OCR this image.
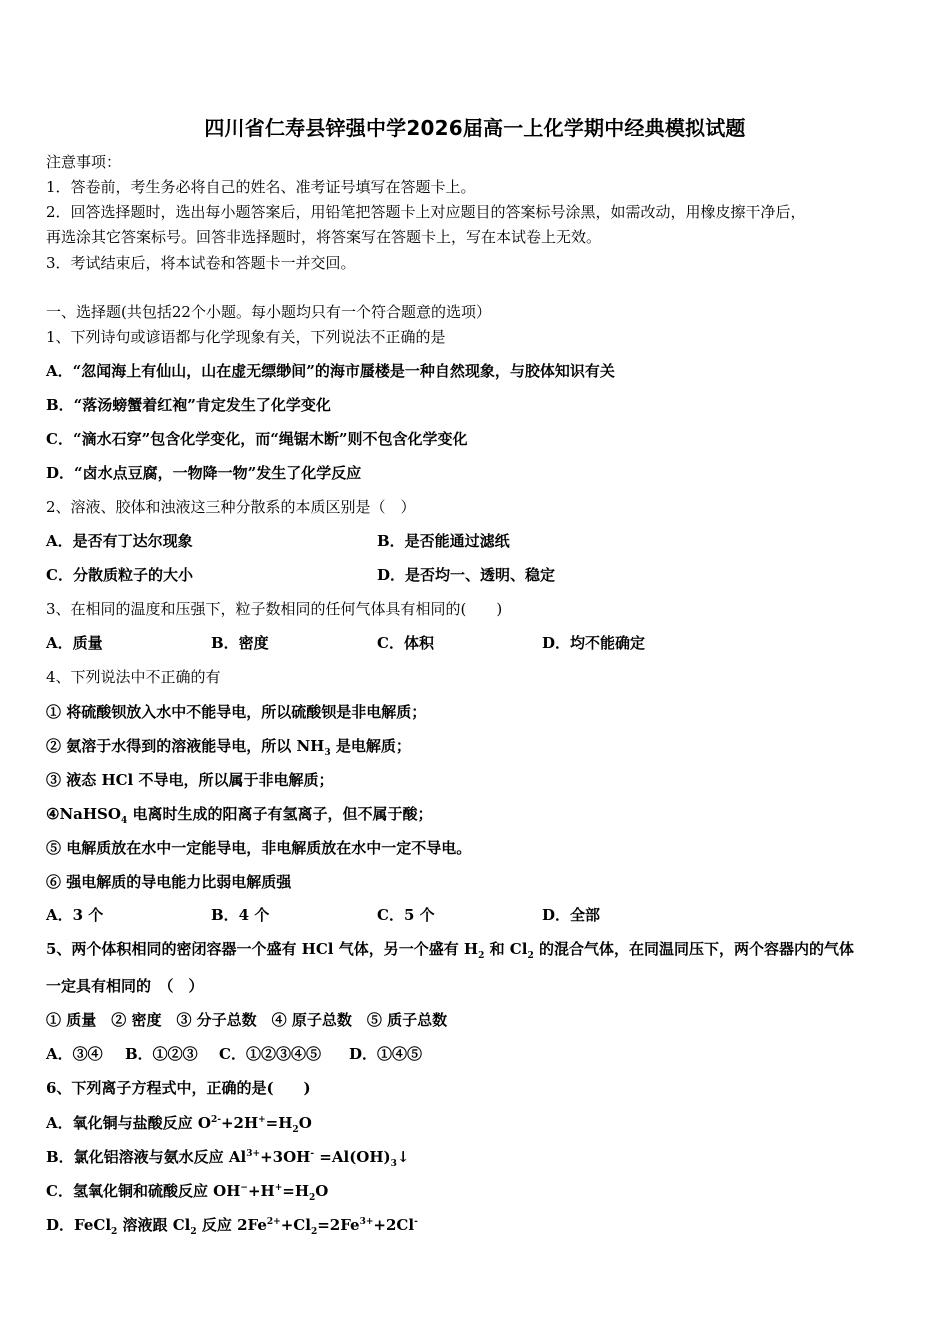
四川省仁寿县锌强中学2026届高一上化学期中经典模拟试题
注意事项：
1．答卷前，考生务必将自己的姓名、准考证号填写在答题卡上。
2．回答选择题时，选出每小题答案后，用铅笔把答题卡上对应题目的答案标号涂黑，如需改动，用橡皮擦干净后，
再选涂其它答案标号。回答非选择题时，将答案写在答题卡上，写在本试卷上无效。
3．考试结束后，将本试卷和答题卡一并交回。
一、选择题(共包括22个小题。每小题均只有一个符合题意的选项）
1、下列诗句或谚语都与化学现象有关，下列说法不正确的是
A．“忽闻海上有仙山，山在虚无缥缈间”的海市蜃楼是一种自然现象，与胶体知识有关
B．“落汤螃蟹着红袍”肯定发生了化学变化
C．“滴水石穿”包含化学变化，而“绳锯木断”则不包含化学变化
D．“卤水点豆腐，一物降一物”发生了化学反应
2、溶液、胶体和浊液这三种分散系的本质区别是（　）
A．是否有丁达尔现象	B．是否能通过滤纸
C．分散质粒子的大小	D．是否均一、透明、稳定
3、在相同的温度和压强下，粒子数相同的任何气体具有相同的(　　)
A．质量	B．密度	C．体积	D．均不能确定
4、下列说法中不正确的有
① 将硫酸钡放入水中不能导电，所以硫酸钡是非电解质；
② 氨溶于水得到的溶液能导电，所以 $NH_3$ 是电解质；
③ 液态 HCl 不导电，所以属于非电解质；
④NaHSO$_4$ 电离时生成的阳离子有氢离子，但不属于酸；
⑤ 电解质放在水中一定能导电，非电解质放在水中一定不导电。
⑥ 强电解质的导电能力比弱电解质强
A．3 个	B．4 个	C．5 个	D．全部
5、两个体积相同的密闭容器一个盛有 HCl 气体，另一个盛有 $H_2$ 和 $Cl_2$ 的混合气体，在同温同压下，两个容器内的气体
一定具有相同的　（　）
① 质量　② 密度　③ 分子总数　④ 原子总数　⑤ 质子总数
A．③④ B．①②③ C．①②③④⑤ D．①④⑤
6、下列离子方程式中，正确的是(　　)
A．氧化铜与盐酸反应 $O^{2-}+2H^+=H_2O$
B．氯化铝溶液与氨水反应 $Al^{3+}+3OH^-$ $=Al(OH)_3↓$
C．氢氧化铜和硫酸反应 $OH^-+H^+=H_2O$
D．FeCl$_2$ 溶液跟 $Cl_2$ 反应 $2Fe^{2+}+Cl_2=2Fe^{3+}+2Cl^-$
